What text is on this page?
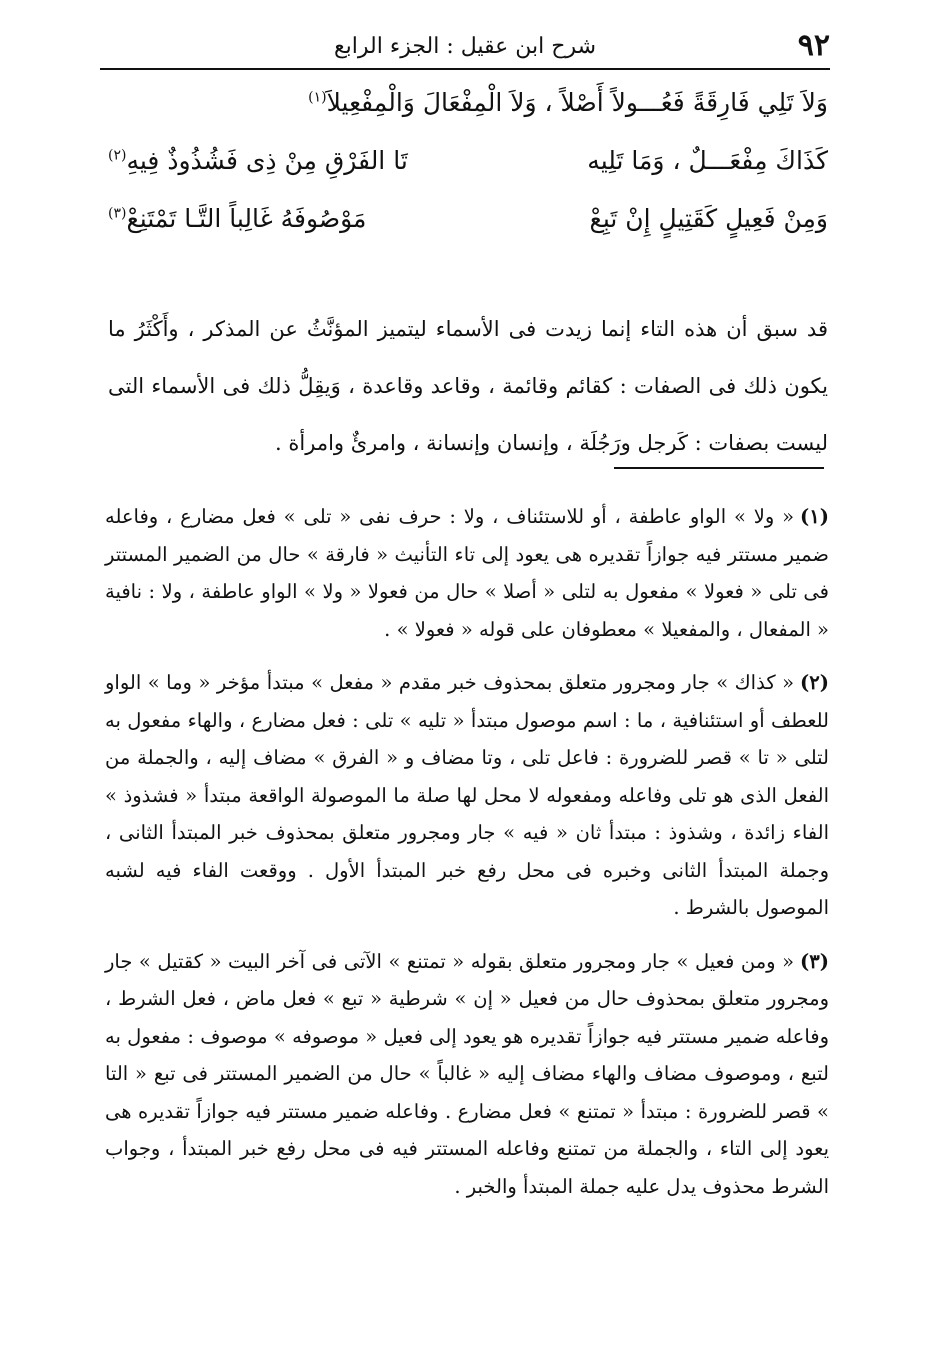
٩٢
شرح ابن عقيل : الجزء الرابع
وَلاَ تَلِي فَارِقَةً فَعُـــولاً أَصْلاً ، وَلاَ الْمِفْعَالَ وَالْمِفْعِيلاَ$^{(١)}$
كَذَاكَ مِفْعَـــلٌ ، وَمَا تَلِيه
تَا الفَرْقِ مِنْ ذِى فَشُذُوذٌ فِيهِ$^{(٢)}$
وَمِنْ فَعِيلٍ كَقَتِيلٍ إِنْ تَبِعْ
مَوْصُوفَهُ غَالِباً التَّـا تَمْتَنِعْ$^{(٣)}$

قد سبق أن هذه التاء إنما زيدت فى الأسماء ليتميز المؤنَّثُ عن المذكر ، وأَكْثَرُ ما يكون ذلك فى الصفات : كقائم وقائمة ، وقاعد وقاعدة ، وَيقِلُّ ذلك فى الأسماء التى ليست بصفات : كَرجل ورَجُلَة ، وإنسان وإنسانة ، وامرئٌ وامرأة .

(١)« ولا » الواو عاطفة ، أو للاستئناف ، ولا : حرف نفى « تلى » فعل مضارع ، وفاعله ضمير مستتر فيه جوازاً تقديره هى يعود إلى تاء التأنيث « فارقة » حال من الضمير المستتر فى تلى « فعولا » مفعول به لتلى « أصلا » حال من فعولا « ولا » الواو عاطفة ، ولا : نافية « المفعال ، والمفعيلا » معطوفان على قوله « فعولا » .

(٢)« كذاك » جار ومجرور متعلق بمحذوف خبر مقدم « مفعل » مبتدأ مؤخر « وما » الواو للعطف أو استئنافية ، ما : اسم موصول مبتدأ « تليه » تلى : فعل مضارع ، والهاء مفعول به لتلى « تا » قصر للضرورة : فاعل تلى ، وتا مضاف و « الفرق » مضاف إليه ، والجملة من الفعل الذى هو تلى وفاعله ومفعوله لا محل لها صلة ما الموصولة الواقعة مبتدأ « فشذوذ » الفاء زائدة ، وشذوذ : مبتدأ ثان « فيه » جار ومجرور متعلق بمحذوف خبر المبتدأ الثانى ، وجملة المبتدأ الثانى وخبره فى محل رفع خبر المبتدأ الأول . ووقعت الفاء فيه لشبه الموصول بالشرط .

(٣)« ومن فعيل » جار ومجرور متعلق بقوله « تمتنع » الآتى فى آخر البيت « كقتيل » جار ومجرور متعلق بمحذوف حال من فعيل « إن » شرطية « تبع » فعل ماض ، فعل الشرط ، وفاعله ضمير مستتر فيه جوازاً تقديره هو يعود إلى فعيل « موصوفه » موصوف : مفعول به لتبع ، وموصوف مضاف والهاء مضاف إليه « غالباً » حال من الضمير المستتر فى تبع « التا » قصر للضرورة : مبتدأ « تمتنع » فعل مضارع . وفاعله ضمير مستتر فيه جوازاً تقديره هى يعود إلى التاء ، والجملة من تمتنع وفاعله المستتر فيه فى محل رفع خبر المبتدأ ، وجواب الشرط محذوف يدل عليه جملة المبتدأ والخبر .
